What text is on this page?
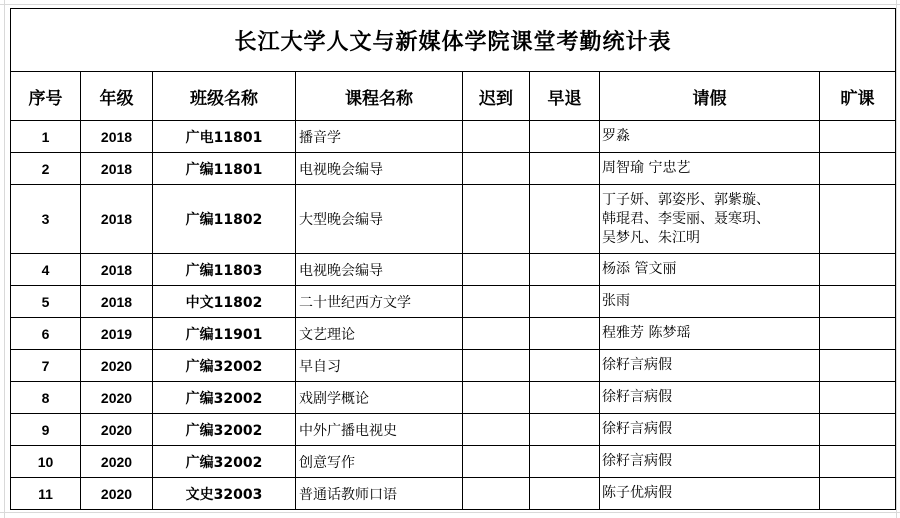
长江大学人文与新媒体学院课堂考勤统计表							
序号	年级	班级名称	课程名称	迟到	早退	请假	旷课
1	2018	广电11801	播音学			罗淼	
2	2018	广编11801	电视晚会编导			周智瑜 宁忠艺	
3	2018	广编11802	大型晚会编导			丁子妍、郭姿彤、郭紫璇、
韩琨君、李雯丽、聂寒玥、
吴梦凡、朱江明	
4	2018	广编11803	电视晚会编导			杨添 管文丽	
5	2018	中文11802	二十世纪西方文学			张雨	
6	2019	广编11901	文艺理论			程雅芳 陈梦瑶	
7	2020	广编32002	早自习			徐籽言病假	
8	2020	广编32002	戏剧学概论			徐籽言病假	
9	2020	广编32002	中外广播电视史			徐籽言病假	
10	2020	广编32002	创意写作			徐籽言病假	
11	2020	文史32003	普通话教师口语			陈子优病假	
